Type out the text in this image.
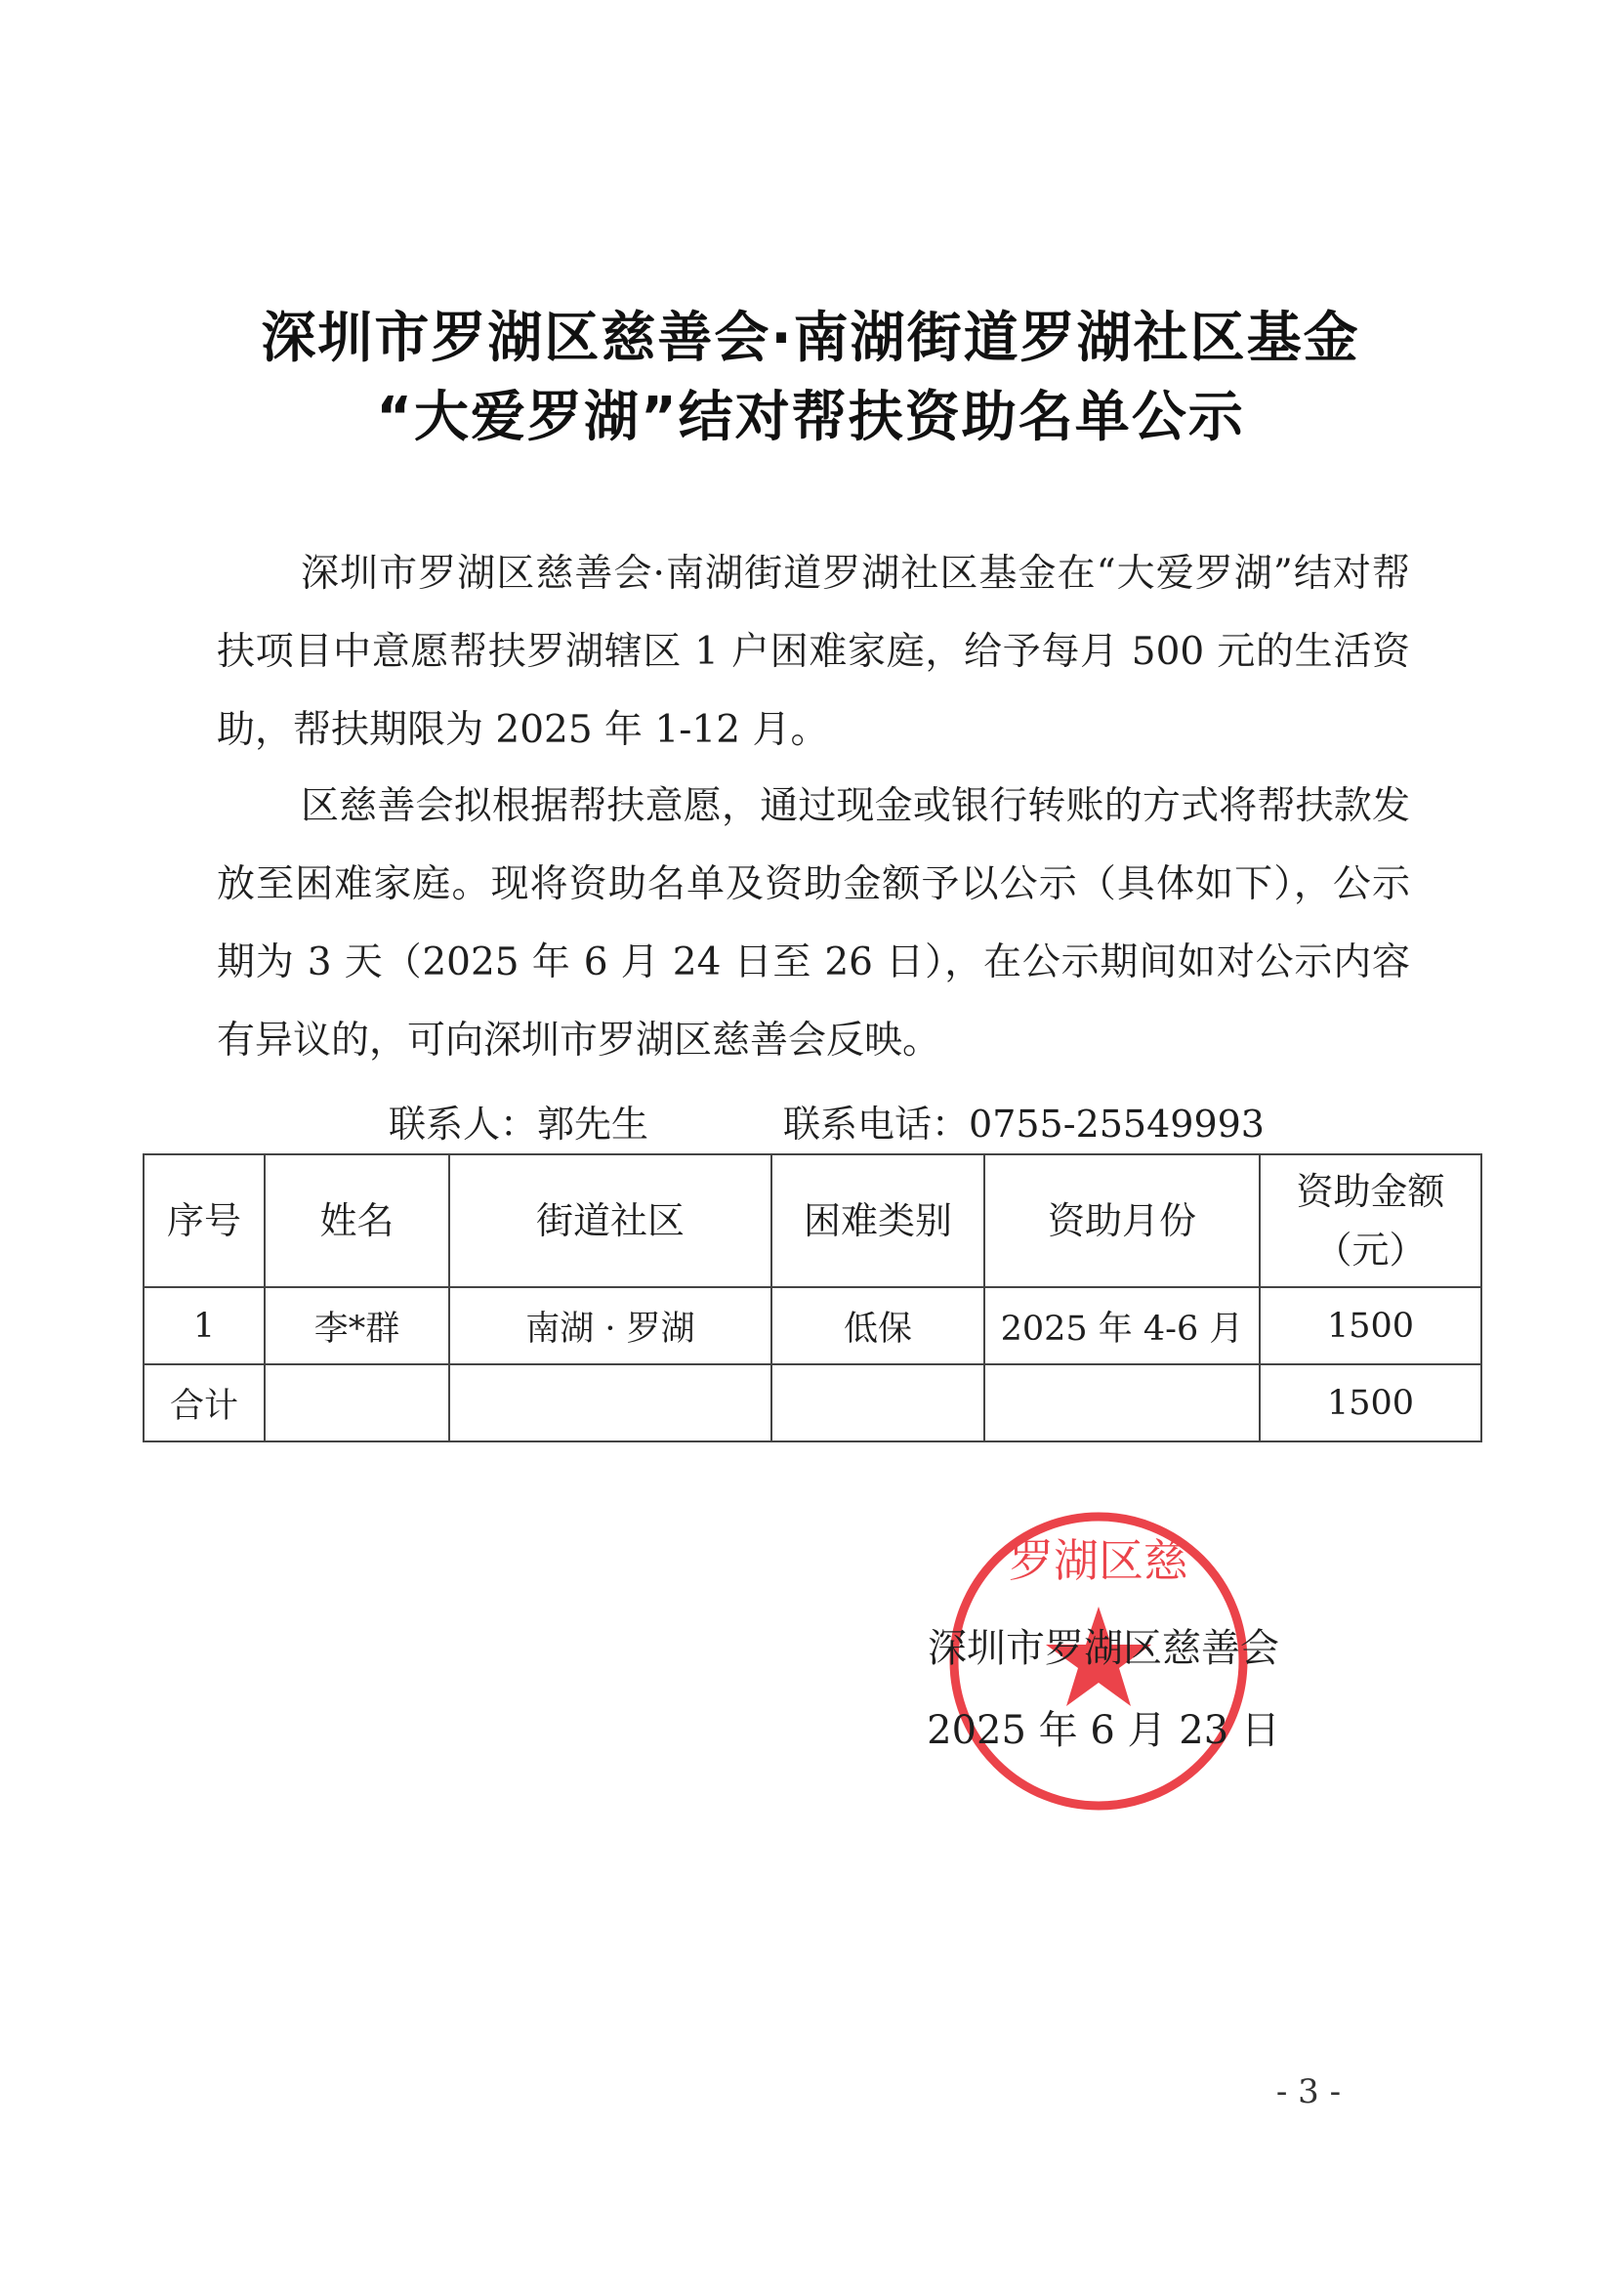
深圳市罗湖区慈善会·南湖街道罗湖社区基金
“大爱罗湖”结对帮扶资助名单公示

深圳市罗湖区慈善会·南湖街道罗湖社区基金在“大爱罗湖”结对帮扶项目中意愿帮扶罗湖辖区 1 户困难家庭，给予每月 500 元的生活资助，帮扶期限为 2025 年 1-12 月。

区慈善会拟根据帮扶意愿，通过现金或银行转账的方式将帮扶款发放至困难家庭。现将资助名单及资助金额予以公示（具体如下），公示期为 3 天（2025 年 6 月 24 日至 26 日），在公示期间如对公示内容有异议的，可向深圳市罗湖区慈善会反映。

联系人：郭先生	联系电话：0755-25549993
序号	姓名	街道社区	困难类别	资助月份	资助金额
（元）
1	李*群	南湖 · 罗湖	低保	2025 年 4-6 月	1500
合计					1500
罗湖区慈
深圳市罗湖区慈善会
2025 年 6 月 23 日
- 3 -
